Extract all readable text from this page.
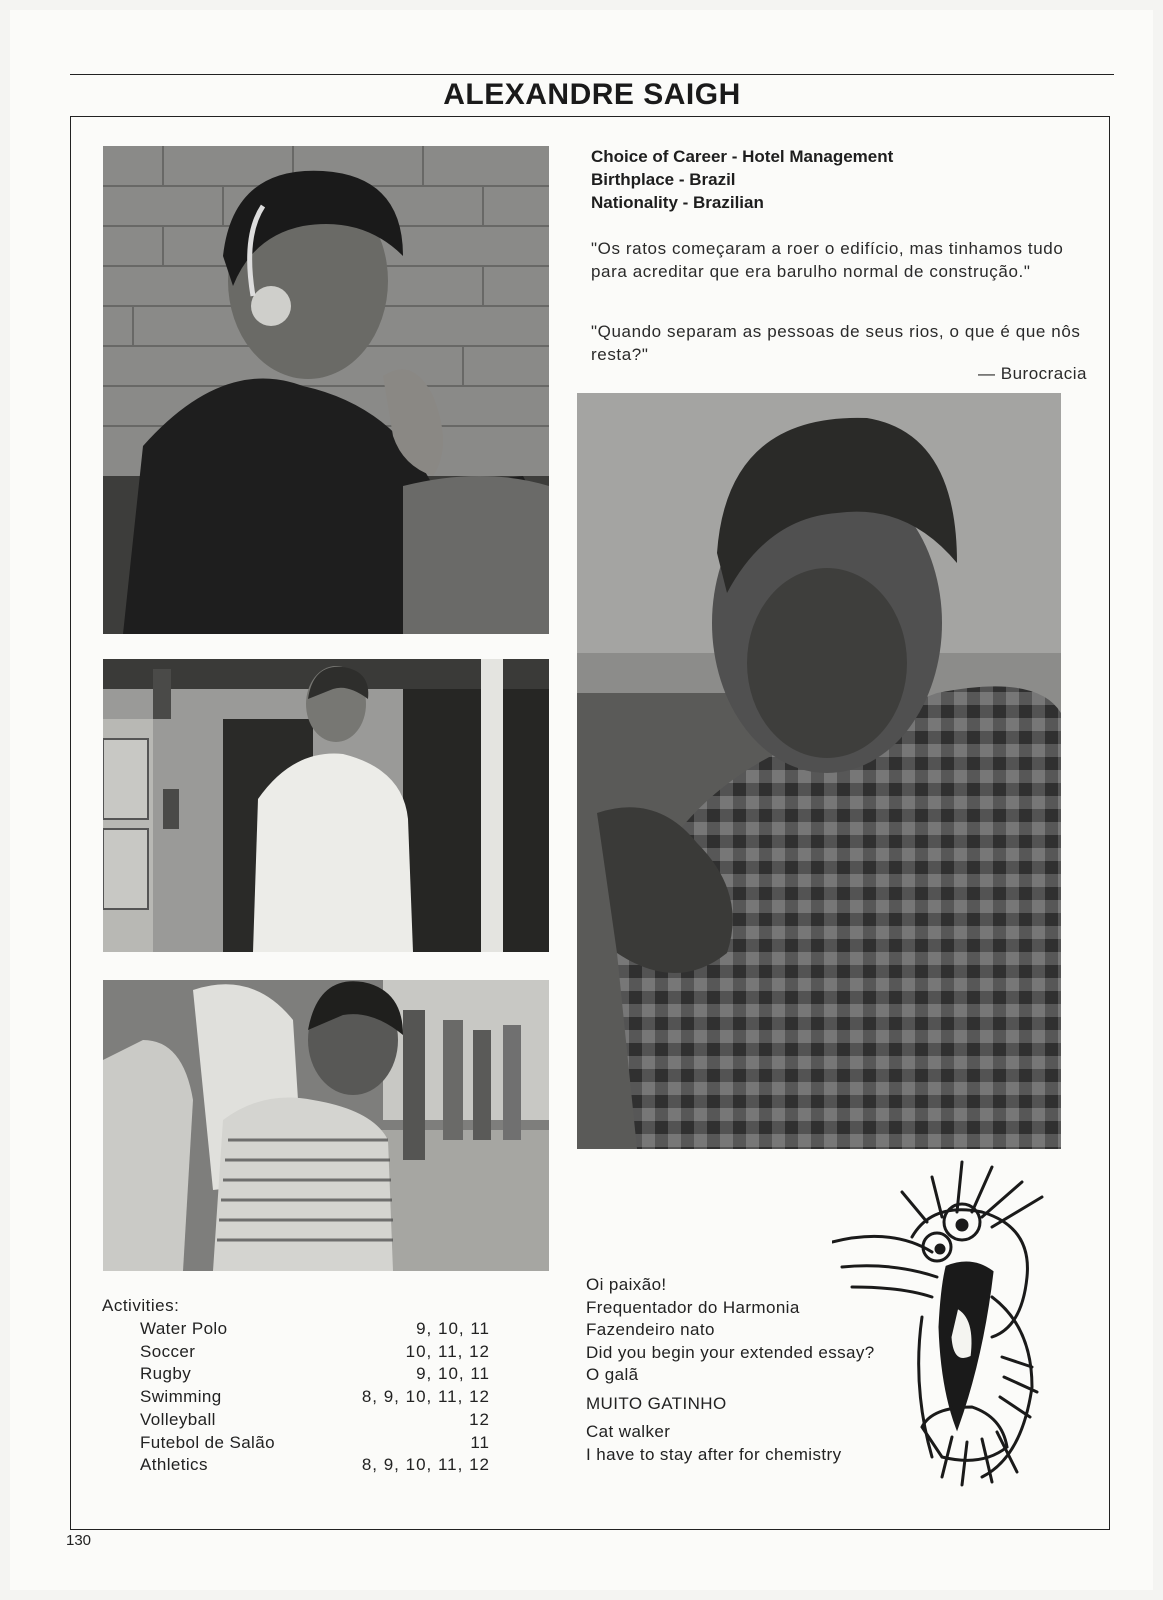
ALEXANDRE SAIGH
Choice of Career - Hotel Management
Birthplace - Brazil
Nationality - Brazilian
"Os ratos começaram a roer o edifício, mas tinhamos tudo para acreditar que era barulho normal de construção."
"Quando separam as pessoas de seus rios, o que é que nôs resta?"
— Burocracia
Activities:
Water Polo	9, 10, 11
Soccer	10, 11, 12
Rugby	9, 10, 11
Swimming	8, 9, 10, 11, 12
Volleyball	12
Futebol de Salão	11
Athletics	8, 9, 10, 11, 12
Oi paixão!
Frequentador do Harmonia
Fazendeiro nato
Did you begin your extended essay?
O galã
MUITO GATINHO
Cat walker
I have to stay after for chemistry
130
